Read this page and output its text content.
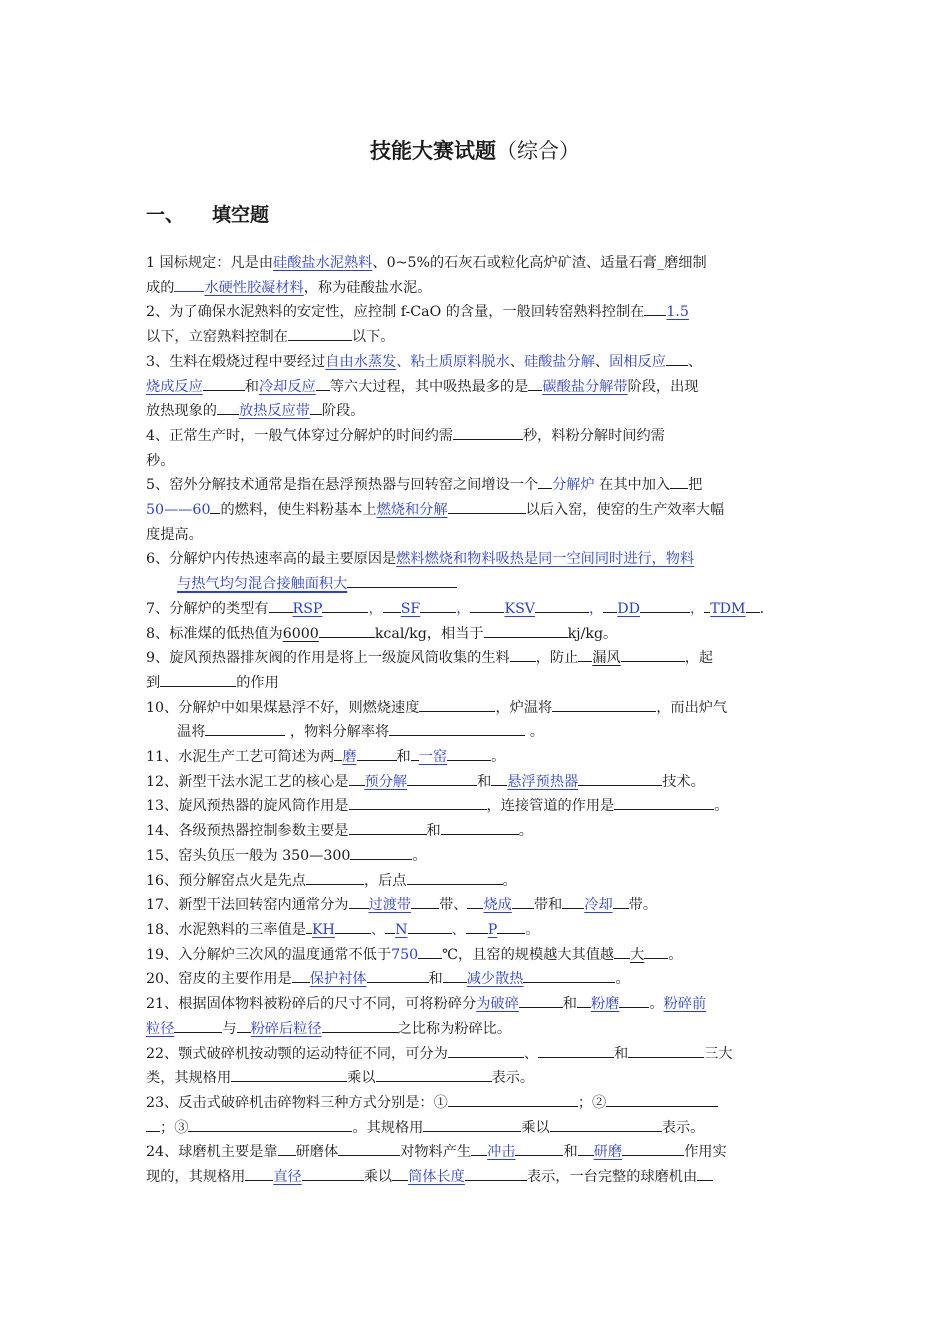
技能大赛试题（综合）
一、 填空题

1 国标规定：凡是由硅酸盐水泥熟料、0~5%的石灰石或粒化高炉矿渣、适量石膏_磨细制
成的 水硬性胶凝材料，称为硅酸盐水泥。

2、为了确保水泥熟料的安定性，应控制 f-CaO 的含量，一般回转窑熟料控制在 1.5
以下，立窑熟料控制在	以下。

3、生料在煅烧过程中要经过自由水蒸发、粘土质原料脱水、硅酸盐分解、固相反应 、
烧成反应	和冷却反应 等六大过程，其中吸热最多的是 碳酸盐分解带阶段，出现
放热现象的 放热反应带 阶段。

4、正常生产时，一般气体穿过分解炉的时间约需	秒，料粉分解时间约需
秒。

5、窑外分解技术通常是指在悬浮预热器与回转窑之间增设一个 分解炉 在其中加入 把
50——60 的燃料，使生料粉基本上燃烧和分解	以后入窑，使窑的生产效率大幅
度提高。

6、分解炉内传热速率高的最主要原因是燃料燃烧和物料吸热是同一空间同时进行，物料
与热气均匀混合接触面积大

7、分解炉的类型有 RSP	， SF	， KSV	， DD	， TDM .

8、标准煤的低热值为6000	kcal/kg，相当于	kj/kg。

9、旋风预热器排灰阀的作用是将上一级旋风筒收集的生料 ，防止 漏风	，起
到	的作用

10、分解炉中如果煤悬浮不好，则燃烧速度	，炉温将	，而出炉气
温将	，物料分解率将	。

11、水泥生产工艺可简述为两 磨	和 一窑	。

12、新型干法水泥工艺的核心是 预分解	和 悬浮预热器	技术。

13、旋风预热器的旋风筒作用是	，连接管道的作用是	。

14、各级预热器控制参数主要是	和	。

15、窑头负压一般为 350—300	。

16、预分解窑点火是先点	，后点	。

17、新型干法回转窑内通常分为 过渡带 带、 烧成 带和 冷却 带。

18、水泥熟料的三率值是 KH	、 N	、 P 。

19、入分解炉三次风的温度通常不低于750 ℃，且窑的规模越大其值越 大 。

20、窑皮的主要作用是 保护衬体	和 减少散热	。

21、根据固体物料被粉碎后的尺寸不同，可将粉碎分为破碎	和 粉磨 。粉碎前
粒径	与 粉碎后粒径	之比称为粉碎比。

22、颚式破碎机按动颚的运动特征不同，可分为	、	和	三大
类，其规格用	乘以	表示。

23、反击式破碎机击碎物料三种方式分别是：①	；②
；③	。其规格用	乘以	表示。

24、球磨机主要是靠 研磨体	对物料产生 冲击	和 研磨	作用实
现的，其规格用 直径	乘以 筒体长度	表示，一台完整的球磨机由
